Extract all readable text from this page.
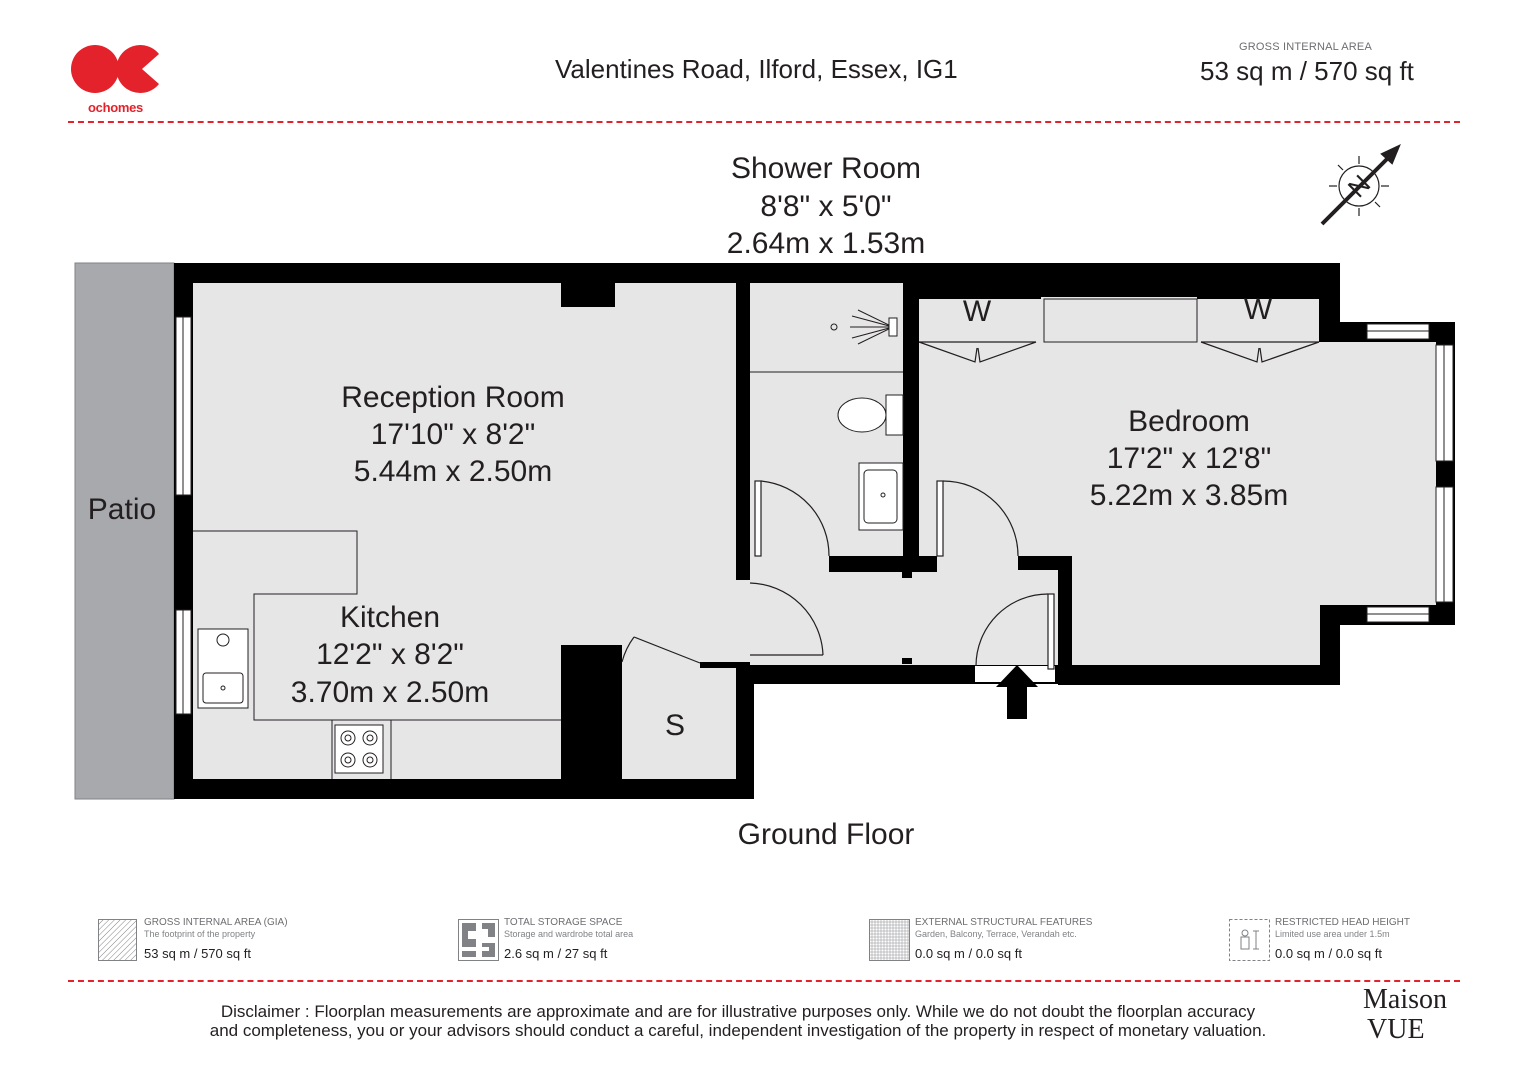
ochomes
Valentines Road, Ilford, Essex, IG1
GROSS INTERNAL AREA
53 sq m / 570 sq ft
N
Shower Room
8'8" x 5'0"
2.64m x 1.53m
Reception Room
17'10" x 8'2"
5.44m x 2.50m
Kitchen
12'2" x 8'2"
3.70m x 2.50m
Bedroom
17'2" x 12'8"
5.22m x 3.85m
Patio
W	W
S
Ground Floor
GROSS INTERNAL AREA (GIA)
The footprint of the property
53 sq m / 570 sq ft
TOTAL STORAGE SPACE
Storage and wardrobe total area
2.6 sq m / 27 sq ft
EXTERNAL STRUCTURAL FEATURES
Garden, Balcony, Terrace, Verandah etc.
0.0 sq m / 0.0 sq ft
RESTRICTED HEAD HEIGHT
Limited use area under 1.5m
0.0 sq m / 0.0 sq ft
Disclaimer : Floorplan measurements are approximate and are for illustrative purposes only. While we do not doubt the floorplan accuracy
and completeness, you or your advisors should conduct a careful, independent investigation of the property in respect of monetary valuation.
Maison
VUE
